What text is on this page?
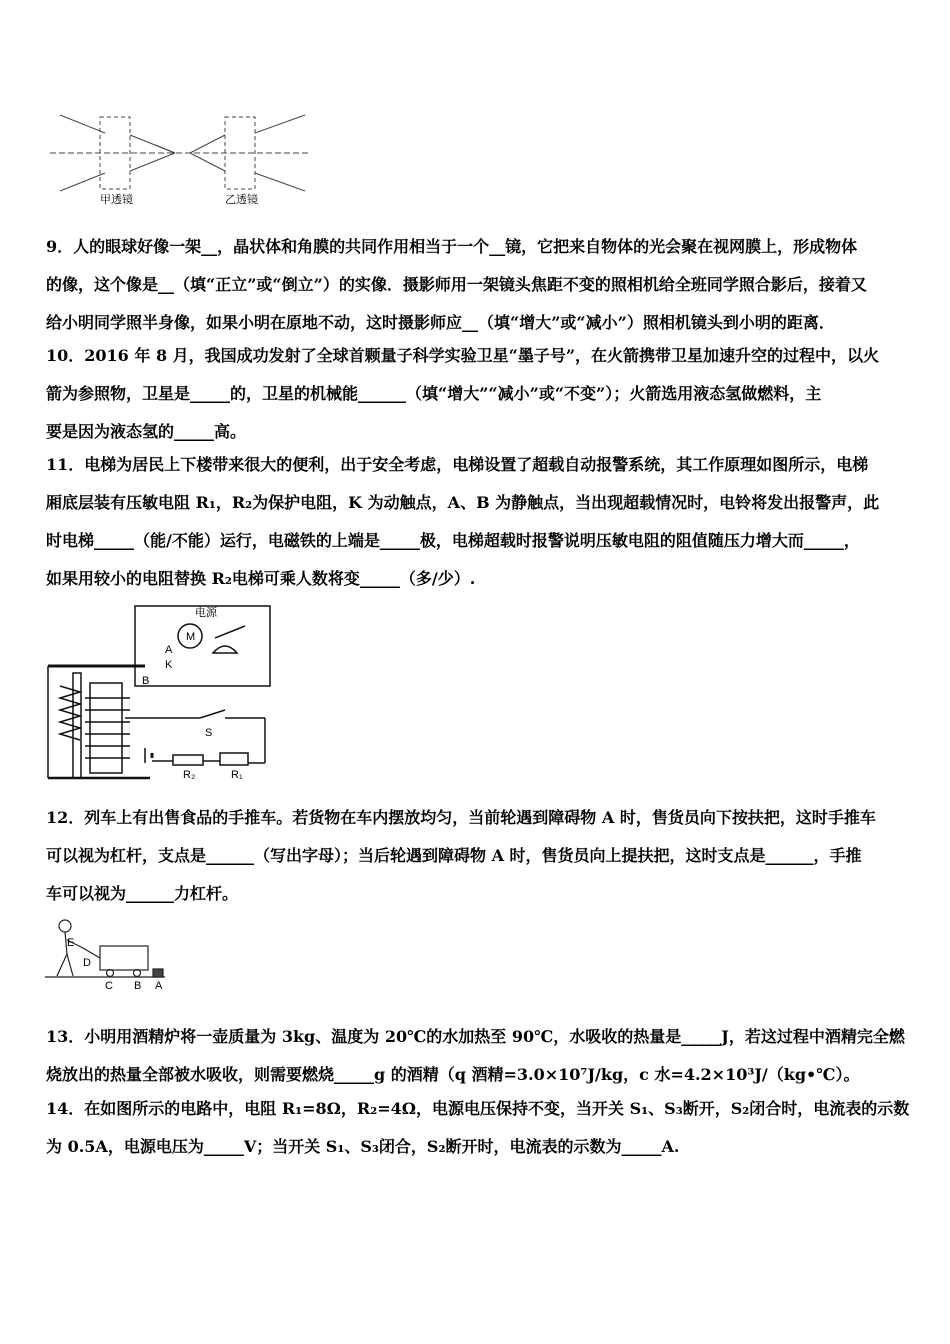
甲透镜	乙透镜

9．人的眼球好像一架__，晶状体和角膜的共同作用相当于一个__镜，它把来自物体的光会聚在视网膜上，形成物体

的像，这个像是__（填“正立”或“倒立”）的实像．摄影师用一架镜头焦距不变的照相机给全班同学照合影后，接着又

给小明同学照半身像，如果小明在原地不动，这时摄影师应__（填“增大”或“减小”）照相机镜头到小明的距离．

10．2016 年 8 月，我国成功发射了全球首颗量子科学实验卫星“墨子号”，在火箭携带卫星加速升空的过程中，以火

箭为参照物，卫星是_____的，卫星的机械能______（填“增大”“减小”或“不变”）；火箭选用液态氢做燃料，主

要是因为液态氢的_____高。

11．电梯为居民上下楼带来很大的便利，出于安全考虑，电梯设置了超载自动报警系统，其工作原理如图所示，电梯

厢底层装有压敏电阻 R₁，R₂为保护电阻，K 为动触点，A、B 为静触点，当出现超载情况时，电铃将发出报警声，此

时电梯_____（能/不能）运行，电磁铁的上端是_____极，电梯超载时报警说明压敏电阻的阻值随压力增大而_____，

如果用较小的电阻替换 R₂电梯可乘人数将变_____（多/少）.

电源
M
A
K
B
S
R₂	R₁

12．列车上有出售食品的手推车。若货物在车内摆放均匀，当前轮遇到障碍物 A 时，售货员向下按扶把，这时手推车

可以视为杠杆，支点是______（写出字母）；当后轮遇到障碍物 A 时，售货员向上提扶把，这时支点是______，手推

车可以视为______力杠杆。

E
D
C B A

13．小明用酒精炉将一壶质量为 3kg、温度为 20℃的水加热至 90℃，水吸收的热量是_____J，若这过程中酒精完全燃

烧放出的热量全部被水吸收，则需要燃烧_____g 的酒精（q 酒精=3.0×10⁷J/kg，c 水=4.2×10³J/（kg•℃）。

14．在如图所示的电路中，电阻 R₁=8Ω，R₂=4Ω，电源电压保持不变，当开关 S₁、S₃断开，S₂闭合时，电流表的示数

为 0.5A，电源电压为_____V；当开关 S₁、S₃闭合，S₂断开时，电流表的示数为_____A.
